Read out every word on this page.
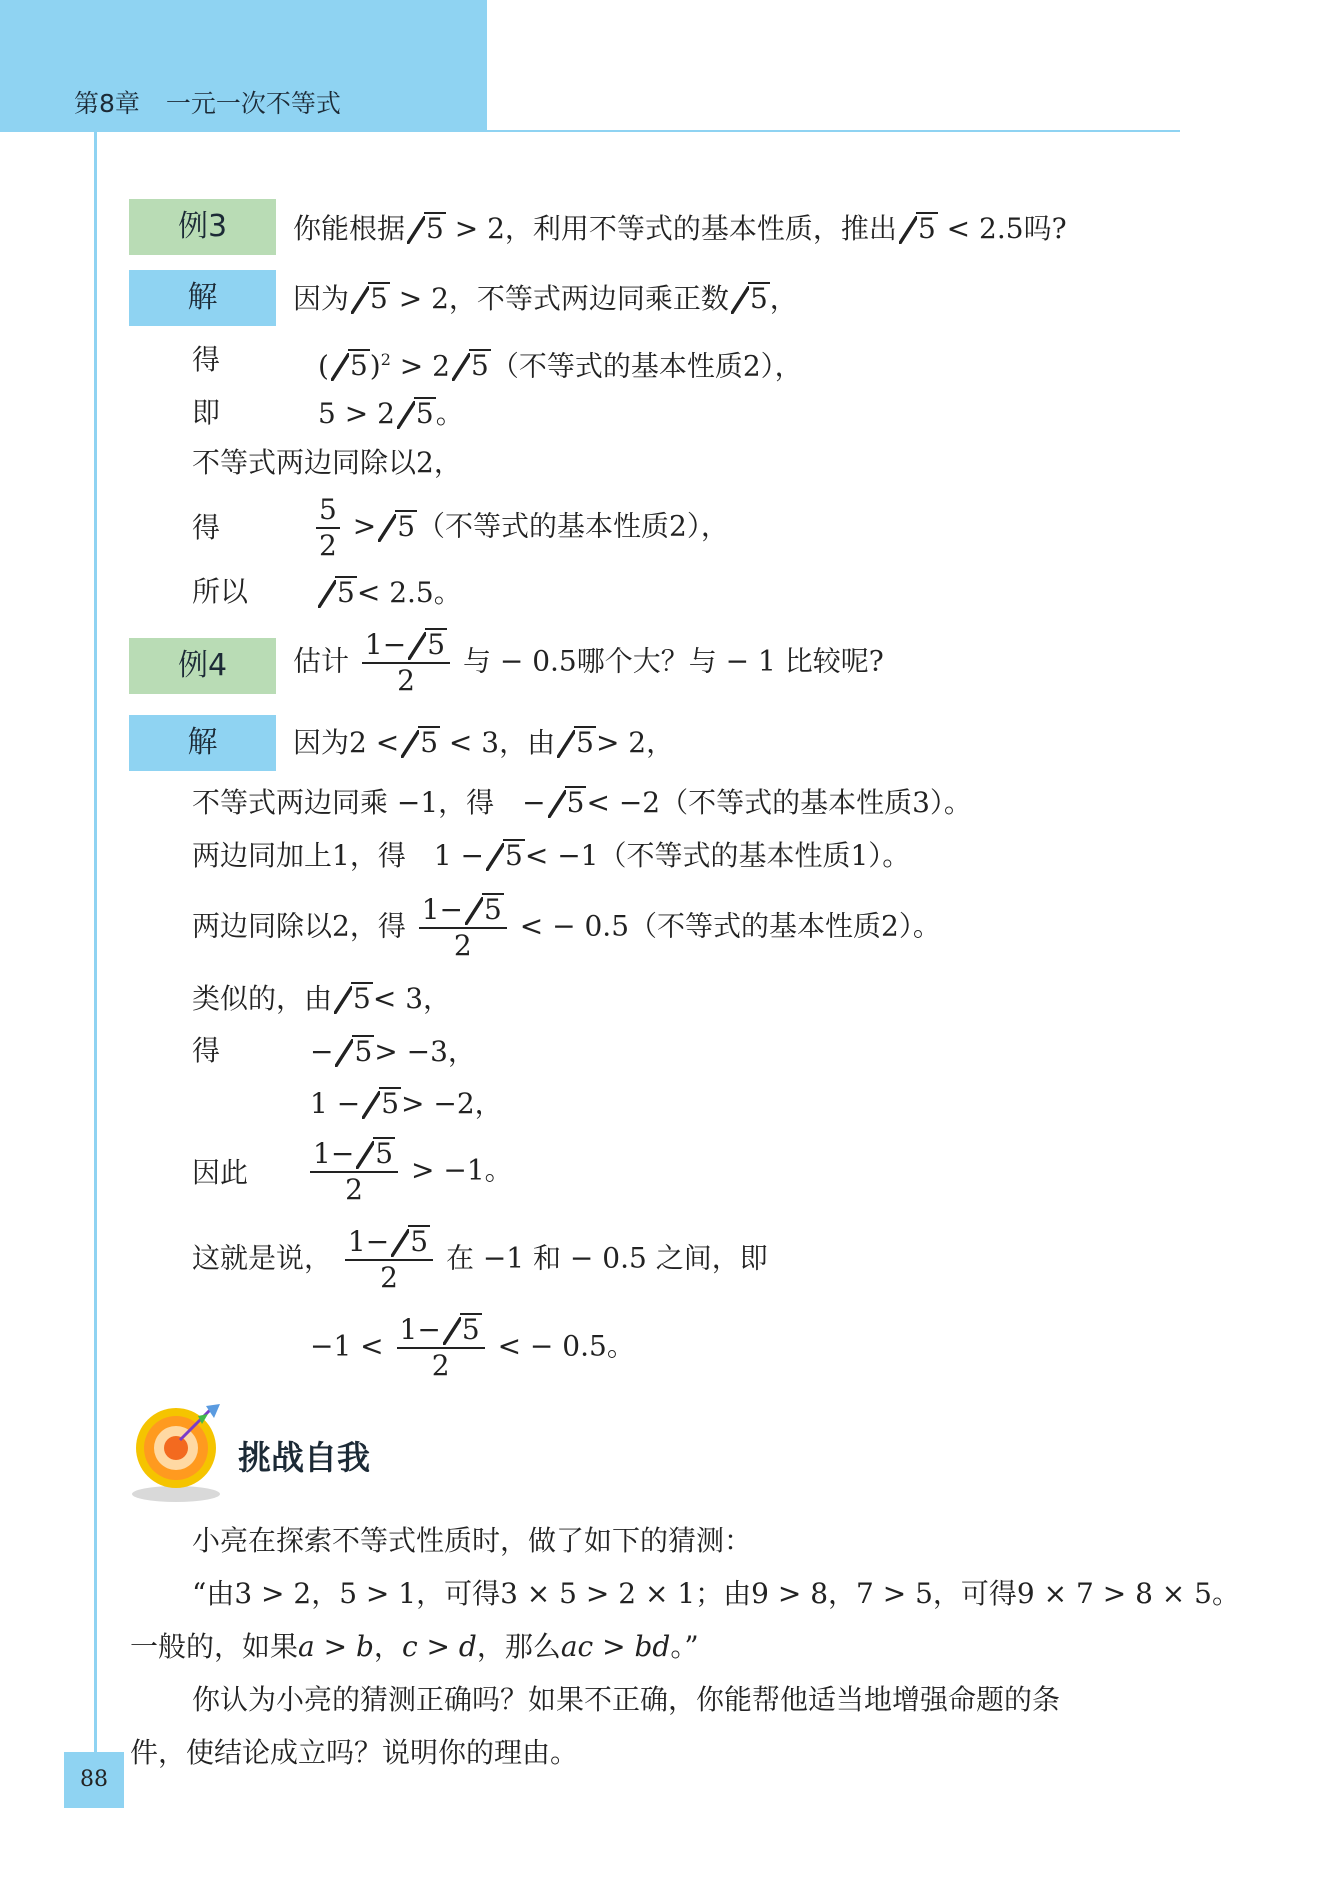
第8章 一元一次不等式
例3	你能根据 5 > 2，利用不等式的基本性质，推出 5 < 2.5吗?
解	因为 5 > 2，不等式两边同乘正数 5，
得	( 5)$^2$ > 2 5（不等式的基本性质2），
即	5 > 2 5。
不等式两边同除以2，
得	$\frac{5}{2} > 5$（不等式的基本性质2），
所以	5< 2.5。
例4	估计 $\frac{1- 5}{2}$ 与 − 0.5哪个大？与 − 1 比较呢?
解	因为2 < 5 < 3，由 5> 2，
不等式两边同乘 −1，得　− 5< −2（不等式的基本性质3）。
两边同加上1，得　1 − 5< −1（不等式的基本性质1）。
两边同除以2，得 $\frac{1- 5}{2}$ < − 0.5（不等式的基本性质2）。
类似的，由 5< 3，
得	− 5> −3，
1 − 5> −2，
因此 $\frac{1- 5}{2} > -1$。
这就是说， $\frac{1- 5}{2}$ 在 −1 和 − 0.5 之间，即
$-1 < \frac{1- 5}{2}$ < − 0.5。
挑战自我
小亮在探索不等式性质时，做了如下的猜测：
“由3 > 2，5 > 1，可得3 × 5 > 2 × 1；由9 > 8，7 > 5，可得9 × 7 > 8 × 5。
一般的，如果a > b，c > d，那么ac > bd。”
你认为小亮的猜测正确吗？如果不正确，你能帮他适当地增强命题的条
件，使结论成立吗？说明你的理由。
88
